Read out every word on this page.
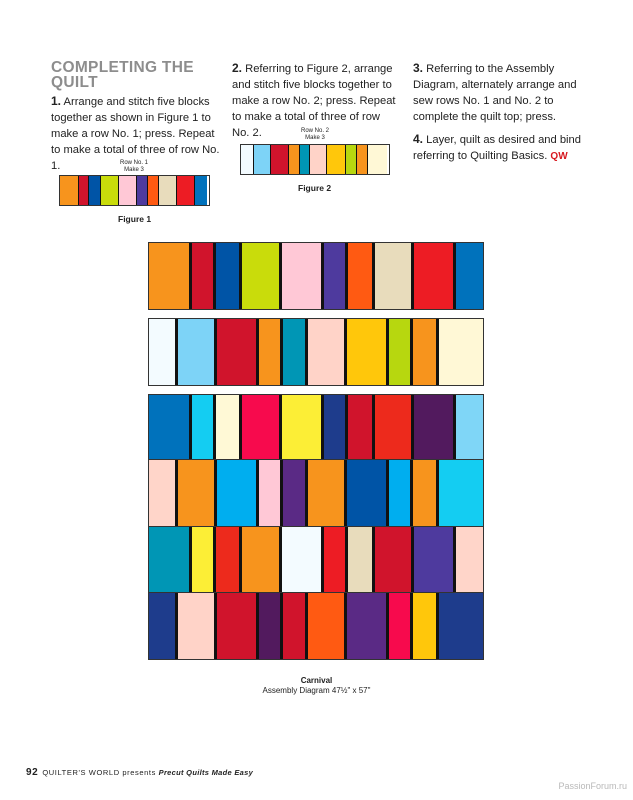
COMPLETING THE
QUILT

1. Arrange and stitch five blocks together as shown in Figure 1 to make a row No. 1; press. Repeat to make a total of three of row No. 1.

2. Referring to Figure 2, arrange and stitch five blocks together to make a row No. 2; press. Repeat to make a total of three of row No. 2.

3. Referring to the Assembly Diagram, alternately arrange and sew rows No. 1 and No. 2 to complete the quilt top; press.

4. Layer, quilt as desired and bind referring to Quilting Basics. QW

Row No. 1
Make 3
Figure 1
Row No. 2
Make 3
Figure 2
Carnival
Assembly Diagram 47½" x 57"
92 QUILTER'S WORLD presents Precut Quilts Made Easy
PassionForum.ru
